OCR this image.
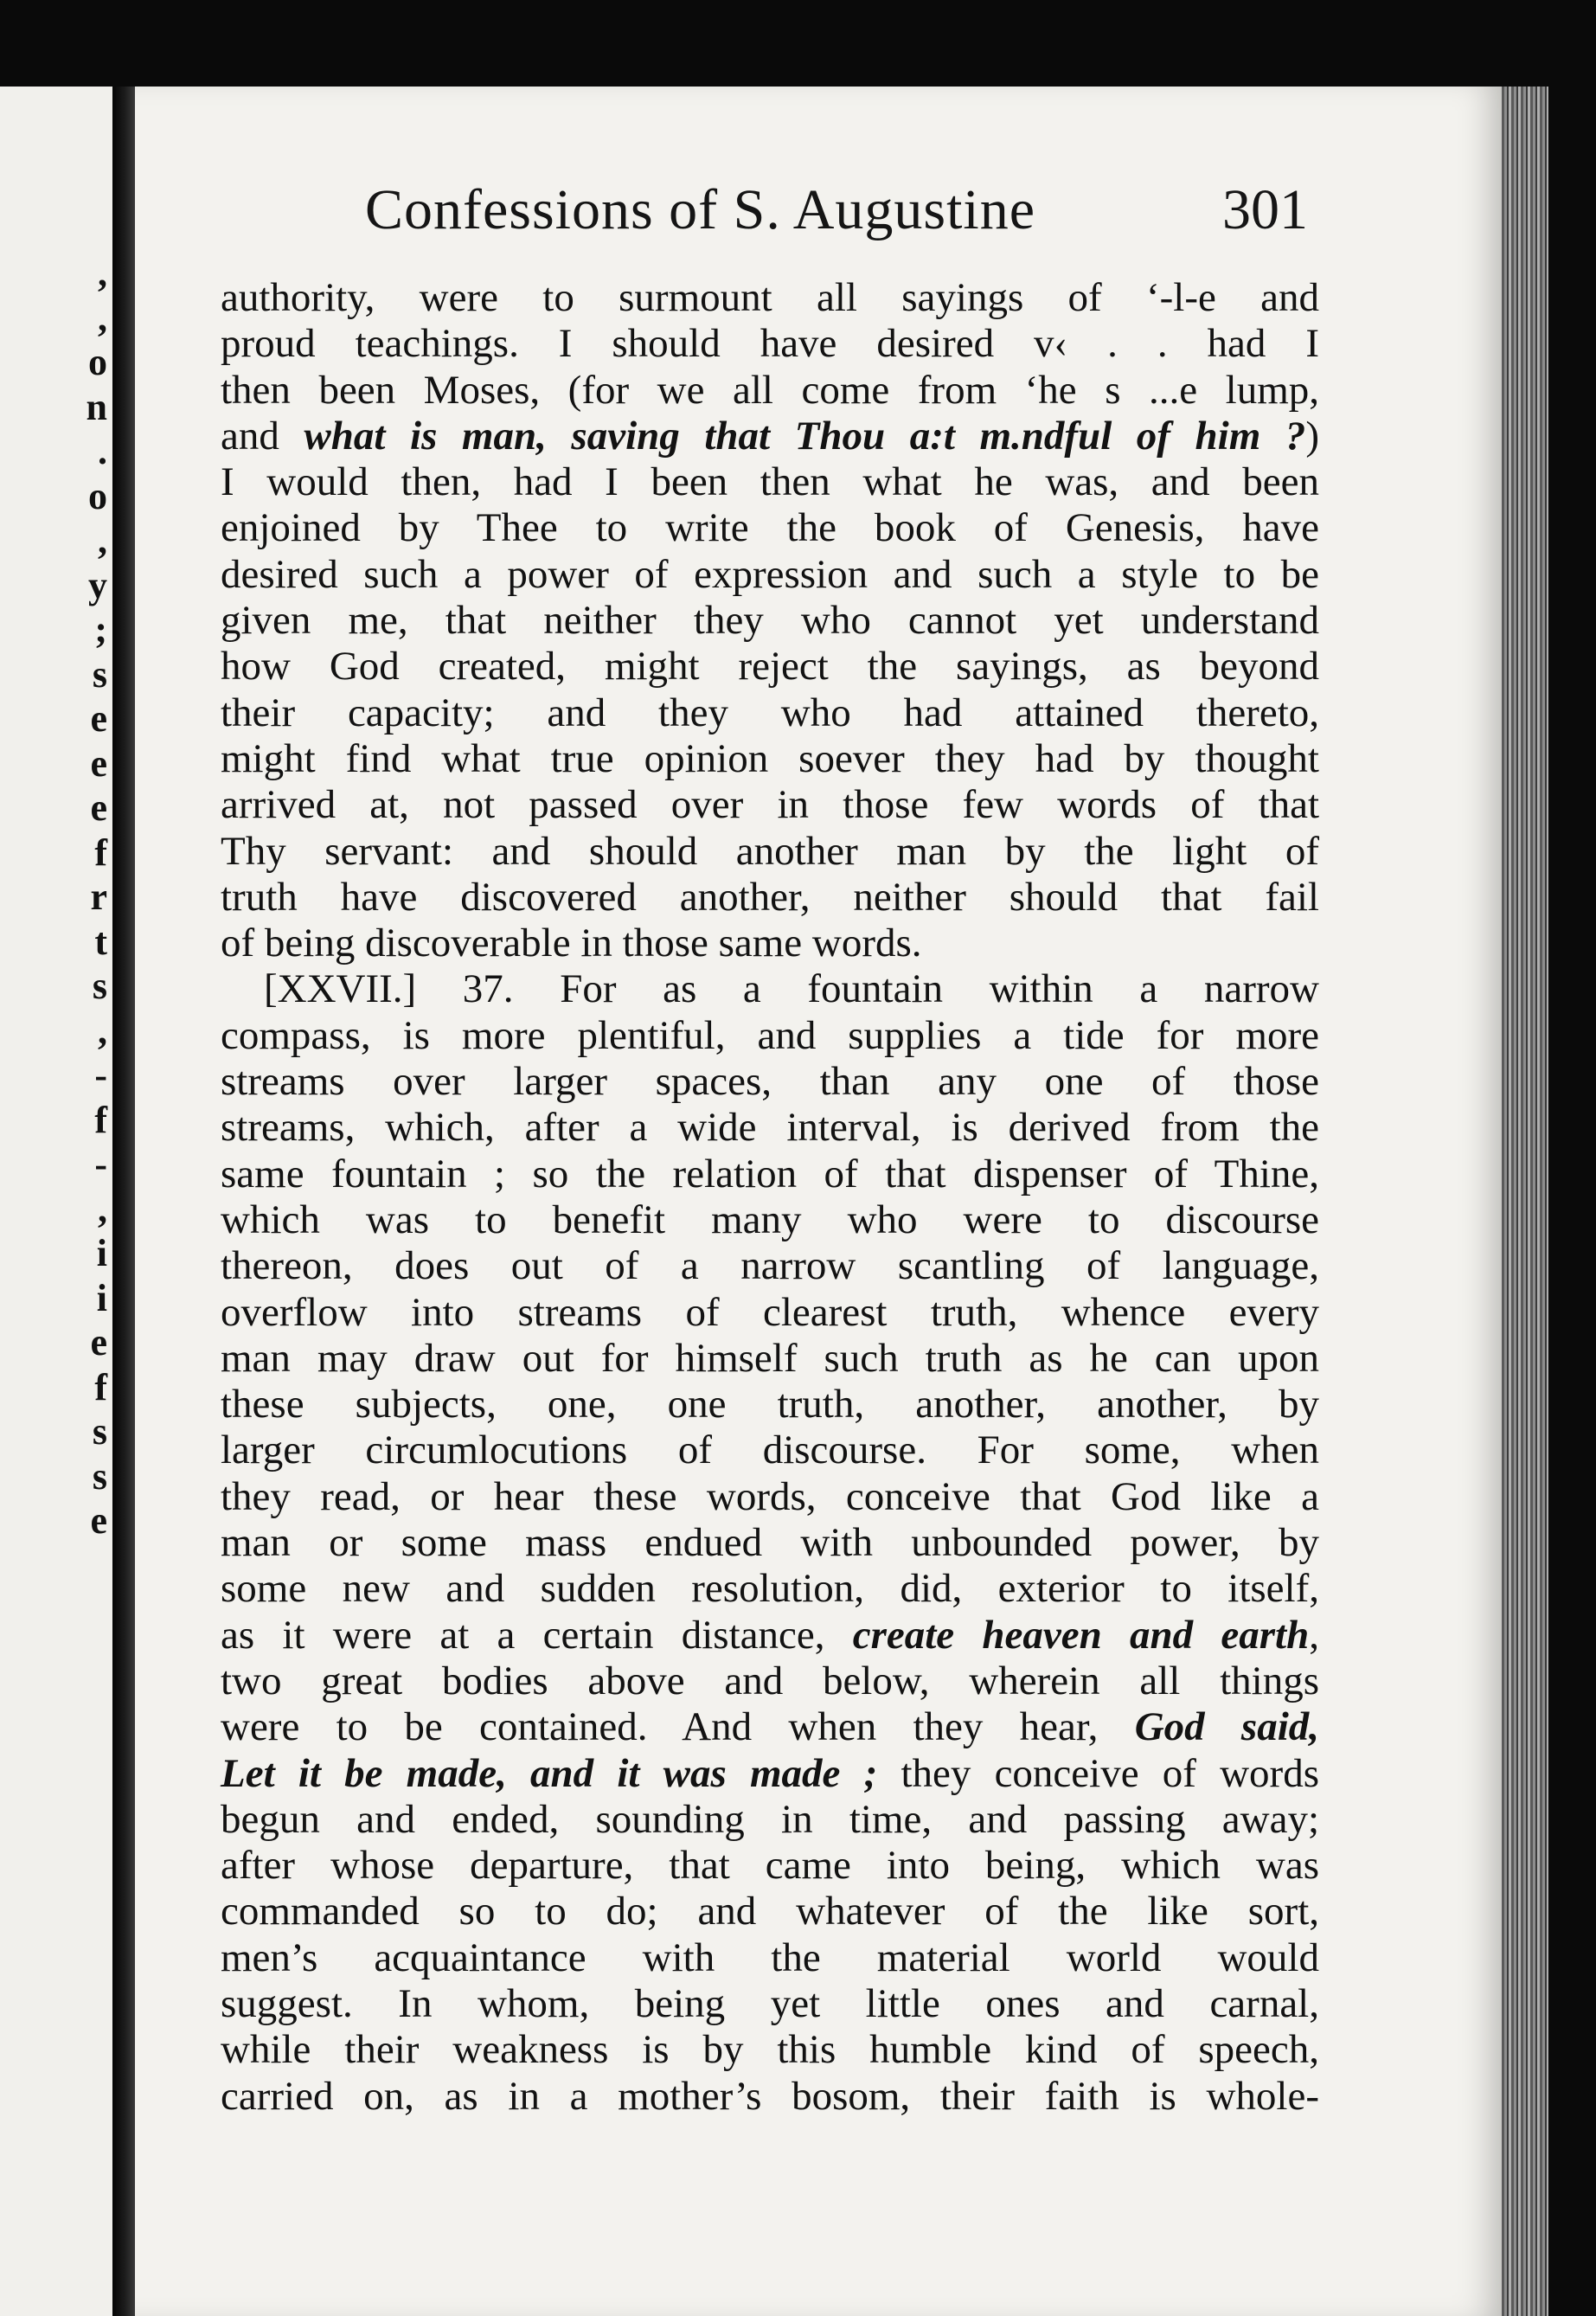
,
,
o
n
.
o
,
y
;
s
e
e
e
f
r
t
s
,
-
f
-
,
i
i
e
f
s
s
e
Confessions of S. Augustine	301
authority, were to surmount all sayings of ‘-l-e and
proud teachings. I should have desired v‹ . . had I
then been Moses, (for we all come from ‘he s ...e lump,
and what is man, saving that Thou a:t m.ndful of him ?)
I would then, had I been then what he was, and been
enjoined by Thee to write the book of Genesis, have
desired such a power of expression and such a style to be
given me, that neither they who cannot yet understand
how God created, might reject the sayings, as beyond
their capacity; and they who had attained thereto,
might find what true opinion soever they had by thought
arrived at, not passed over in those few words of that
Thy servant: and should another man by the light of
truth have discovered another, neither should that fail
of being discoverable in those same words.
[XXVII.] 37. For as a fountain within a narrow
compass, is more plentiful, and supplies a tide for more
streams over larger spaces, than any one of those
streams, which, after a wide interval, is derived from the
same fountain ; so the relation of that dispenser of Thine,
which was to benefit many who were to discourse
thereon, does out of a narrow scantling of language,
overflow into streams of clearest truth, whence every
man may draw out for himself such truth as he can upon
these subjects, one, one truth, another, another, by
larger circumlocutions of discourse. For some, when
they read, or hear these words, conceive that God like a
man or some mass endued with unbounded power, by
some new and sudden resolution, did, exterior to itself,
as it were at a certain distance, create heaven and earth,
two great bodies above and below, wherein all things
were to be contained. And when they hear, God said,
Let it be made, and it was made ; they conceive of words
begun and ended, sounding in time, and passing away;
after whose departure, that came into being, which was
commanded so to do; and whatever of the like sort,
men’s acquaintance with the material world would
suggest. In whom, being yet little ones and carnal,
while their weakness is by this humble kind of speech,
carried on, as in a mother’s bosom, their faith is whole-
